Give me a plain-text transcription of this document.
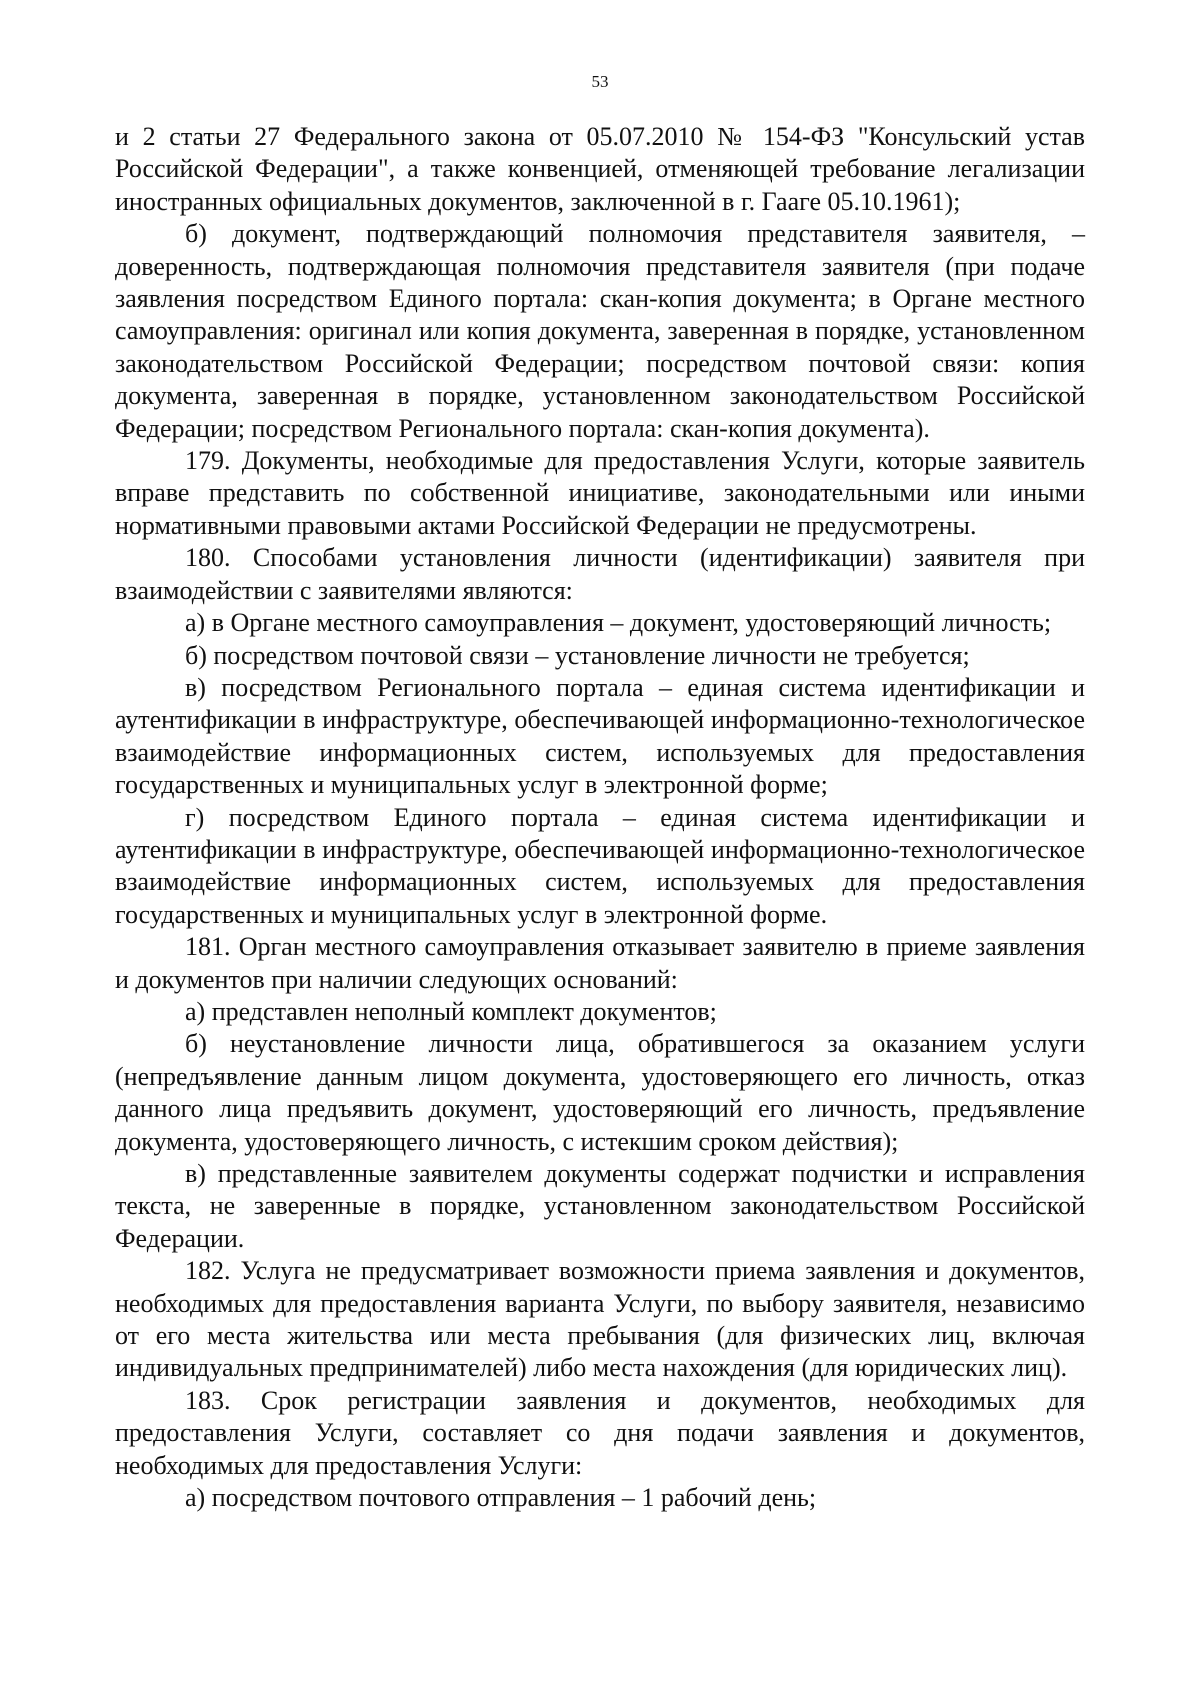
53

и 2 статьи 27 Федерального закона от 05.07.2010 № 154-ФЗ "Консульский устав Российской Федерации", а также конвенцией, отменяющей требование легализации иностранных официальных документов, заключенной в г. Гааге 05.10.1961);

б) документ, подтверждающий полномочия представителя заявителя, – доверенность, подтверждающая полномочия представителя заявителя (при подаче заявления посредством Единого портала: скан-копия документа; в Органе местного самоуправления: оригинал или копия документа, заверенная в порядке, установленном законодательством Российской Федерации; посредством почтовой связи: копия документа, заверенная в порядке, установленном законодательством Российской Федерации; посредством Регионального портала: скан-копия документа).

179. Документы, необходимые для предоставления Услуги, которые заявитель вправе представить по собственной инициативе, законодательными или иными нормативными правовыми актами Российской Федерации не предусмотрены.

180. Способами установления личности (идентификации) заявителя при взаимодействии с заявителями являются:

а) в Органе местного самоуправления – документ, удостоверяющий личность;

б) посредством почтовой связи – установление личности не требуется;

в) посредством Регионального портала – единая система идентификации и аутентификации в инфраструктуре, обеспечивающей информационно-технологическое взаимодействие информационных систем, используемых для предоставления государственных и муниципальных услуг в электронной форме;

г) посредством Единого портала – единая система идентификации и аутентификации в инфраструктуре, обеспечивающей информационно-технологическое взаимодействие информационных систем, используемых для предоставления государственных и муниципальных услуг в электронной форме.

181. Орган местного самоуправления отказывает заявителю в приеме заявления и документов при наличии следующих оснований:

а) представлен неполный комплект документов;

б) неустановление личности лица, обратившегося за оказанием услуги (непредъявление данным лицом документа, удостоверяющего его личность, отказ данного лица предъявить документ, удостоверяющий его личность, предъявление документа, удостоверяющего личность, с истекшим сроком действия);

в) представленные заявителем документы содержат подчистки и исправления текста, не заверенные в порядке, установленном законодательством Российской Федерации.

182. Услуга не предусматривает возможности приема заявления и документов, необходимых для предоставления варианта Услуги, по выбору заявителя, независимо от его места жительства или места пребывания (для физических лиц, включая индивидуальных предпринимателей) либо места нахождения (для юридических лиц).

183. Срок регистрации заявления и документов, необходимых для предоставления Услуги, составляет со дня подачи заявления и документов, необходимых для предоставления Услуги:

а) посредством почтового отправления – 1 рабочий день;
